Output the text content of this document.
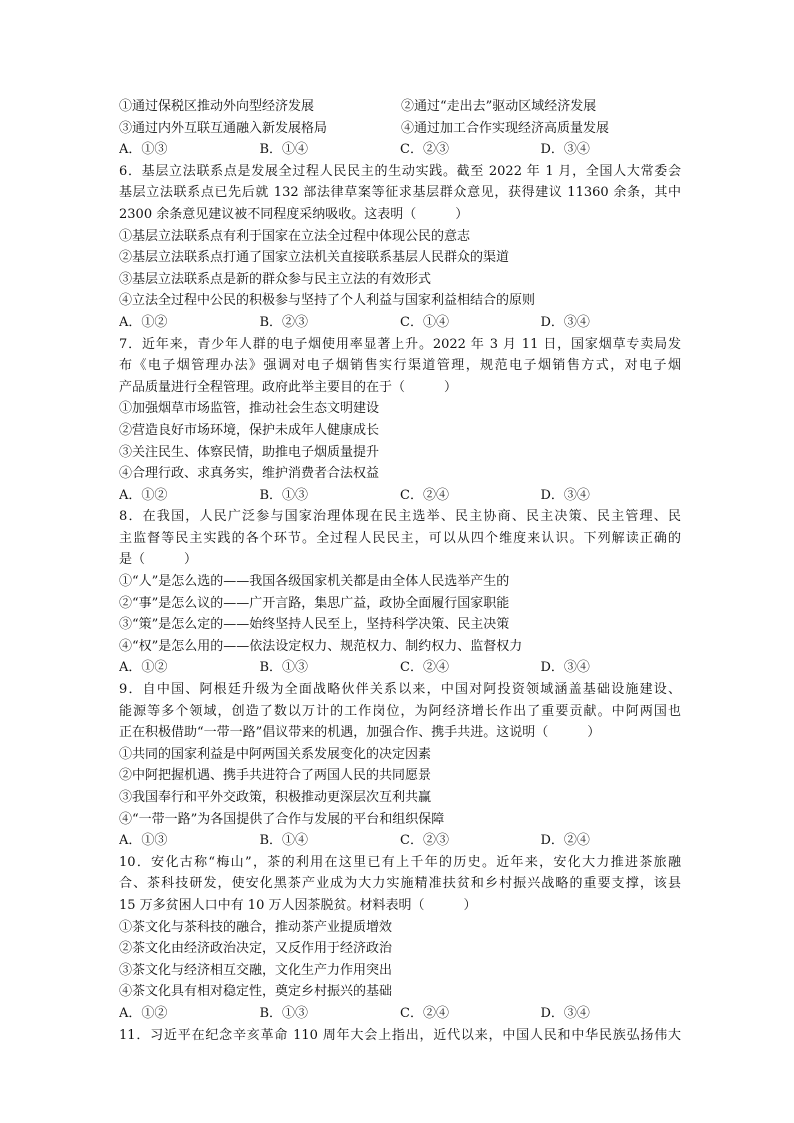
①通过保税区推动外向型经济发展	②通过“走出去”驱动区域经济发展
③通过内外互联互通融入新发展格局	④通过加工合作实现经济高质量发展
A．①③	B．①④	C．②③	D．③④
6．基层立法联系点是发展全过程人民民主的生动实践。截至 2022 年 1 月，全国人大常委会
基层立法联系点已先后就 132 部法律草案等征求基层群众意见，获得建议 11360 余条，其中
2300 余条意见建议被不同程度采纳吸收。这表明（　　　）
①基层立法联系点有利于国家在立法全过程中体现公民的意志
②基层立法联系点打通了国家立法机关直接联系基层人民群众的渠道
③基层立法联系点是新的群众参与民主立法的有效形式
④立法全过程中公民的积极参与坚持了个人利益与国家利益相结合的原则
A．①②	B．②③	C．①④	D．③④
7．近年来，青少年人群的电子烟使用率显著上升。2022 年 3 月 11 日，国家烟草专卖局发
布《电子烟管理办法》强调对电子烟销售实行渠道管理，规范电子烟销售方式，对电子烟
产品质量进行全程管理。政府此举主要目的在于（　　　）
①加强烟草市场监管，推动社会生态文明建设
②营造良好市场环境，保护未成年人健康成长
③关注民生、体察民情，助推电子烟质量提升
④合理行政、求真务实，维护消费者合法权益
A．①②	B．①③	C．②④	D．③④
8．在我国，人民广泛参与国家治理体现在民主选举、民主协商、民主决策、民主管理、民
主监督等民主实践的各个环节。全过程人民民主，可以从四个维度来认识。下列解读正确的
是（　　　）
①“人”是怎么选的——我国各级国家机关都是由全体人民选举产生的
②“事”是怎么议的——广开言路，集思广益，政协全面履行国家职能
③“策”是怎么定的——始终坚持人民至上，坚持科学决策、民主决策
④“权”是怎么用的——依法设定权力、规范权力、制约权力、监督权力
A．①②	B．①③	C．②④	D．③④
9．自中国、阿根廷升级为全面战略伙伴关系以来，中国对阿投资领域涵盖基础设施建设、
能源等多个领域，创造了数以万计的工作岗位，为阿经济增长作出了重要贡献。中阿两国也
正在积极借助“一带一路”倡议带来的机遇，加强合作、携手共进。这说明（　　　）
①共同的国家利益是中阿两国关系发展变化的决定因素
②中阿把握机遇、携手共进符合了两国人民的共同愿景
③我国奉行和平外交政策，积极推动更深层次互利共赢
④“一带一路”为各国提供了合作与发展的平台和组织保障
A．①③	B．①④	C．②③	D．②④
10．安化古称“梅山”，茶的利用在这里已有上千年的历史。近年来，安化大力推进茶旅融
合、茶科技研发，使安化黑茶产业成为大力实施精准扶贫和乡村振兴战略的重要支撑，该县
15 万多贫困人口中有 10 万人因茶脱贫。材料表明（　　　）
①茶文化与茶科技的融合，推动茶产业提质增效
②茶文化由经济政治决定，又反作用于经济政治
③茶文化与经济相互交融，文化生产力作用突出
④茶文化具有相对稳定性，奠定乡村振兴的基础
A．①②	B．①③	C．②④	D．③④
11．习近平在纪念辛亥革命 110 周年大会上指出，近代以来，中国人民和中华民族弘扬伟大
